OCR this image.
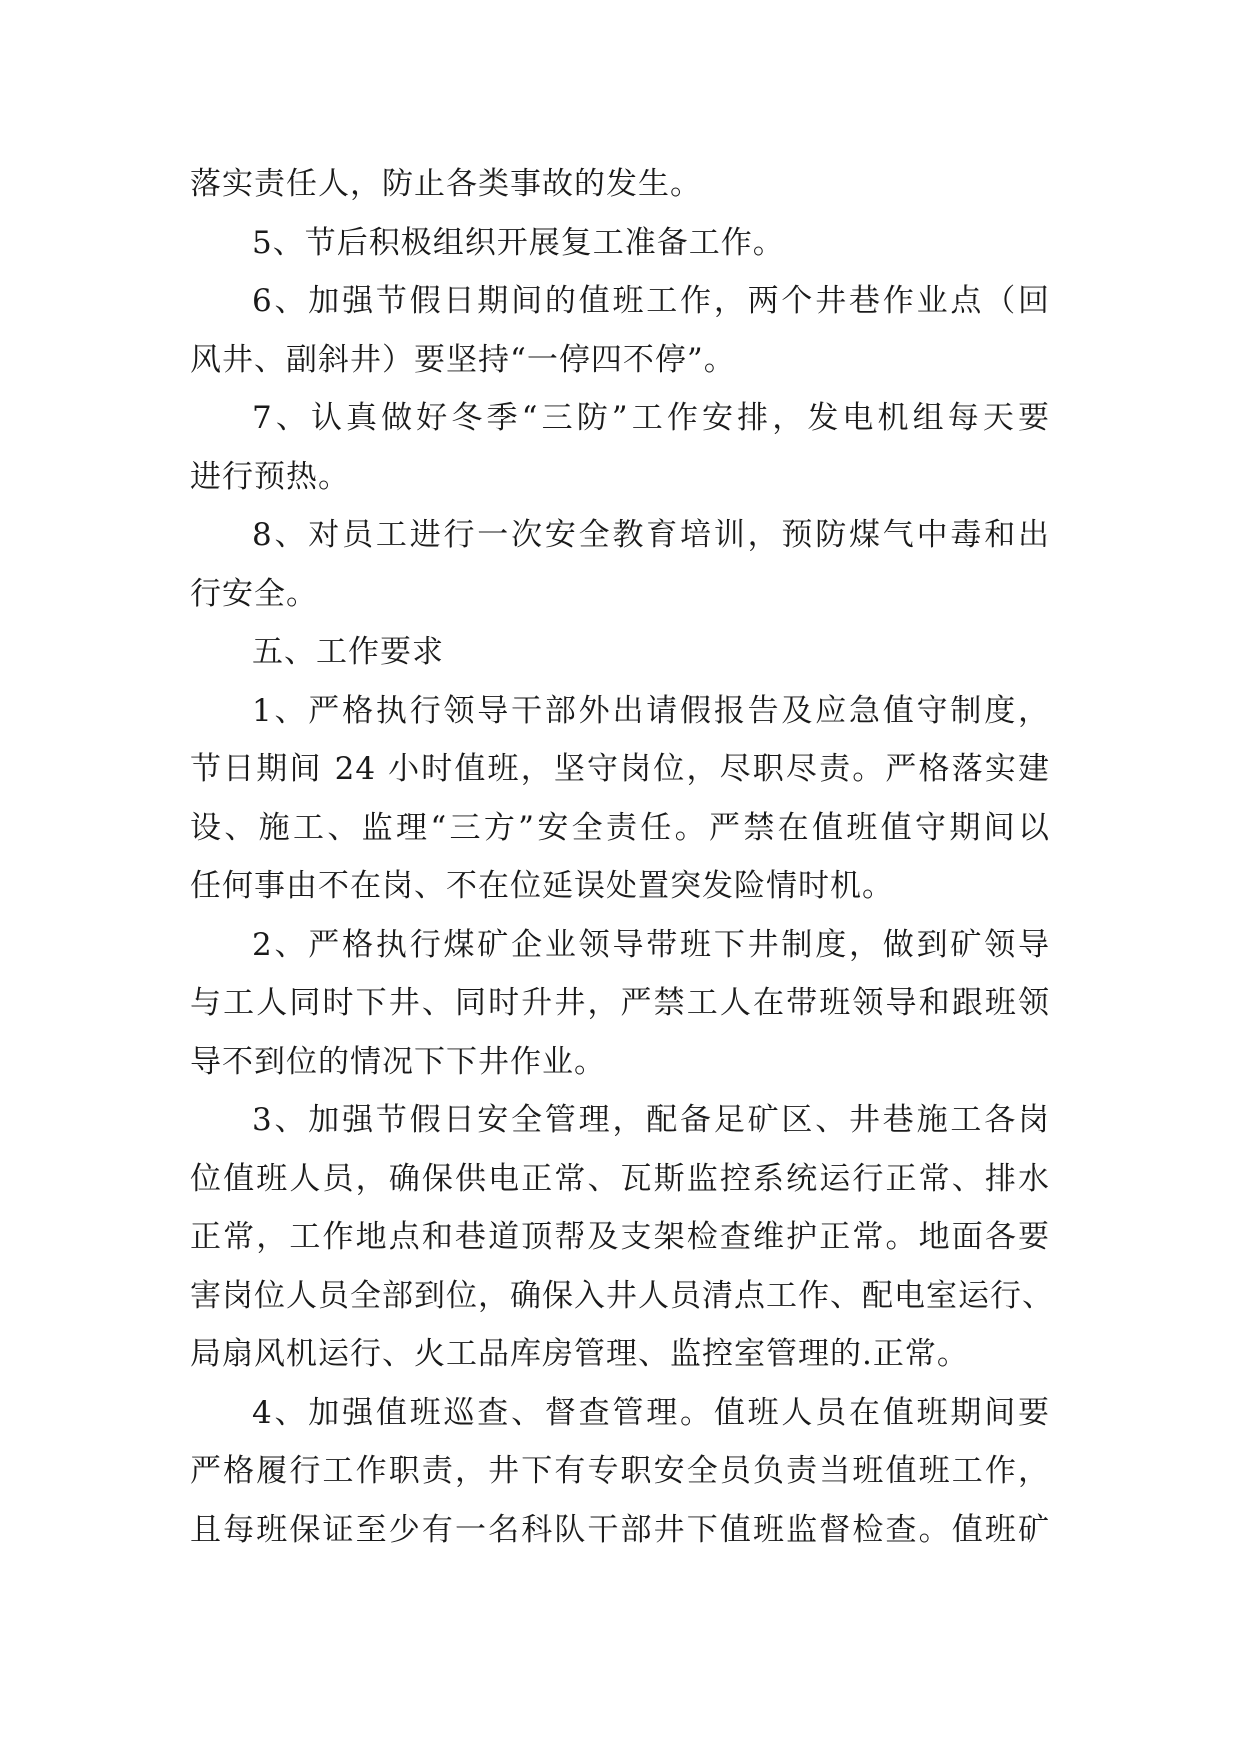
落实责任人，防止各类事故的发生。
5、节后积极组织开展复工准备工作。
6、加强节假日期间的值班工作，两个井巷作业点（回
风井、副斜井）要坚持“一停四不停”。
7、认真做好冬季“三防”工作安排，发电机组每天要
进行预热。
8、对员工进行一次安全教育培训，预防煤气中毒和出
行安全。
五、工作要求
1、严格执行领导干部外出请假报告及应急值守制度，
节日期间 24 小时值班，坚守岗位，尽职尽责。严格落实建
设、施工、监理“三方”安全责任。严禁在值班值守期间以
任何事由不在岗、不在位延误处置突发险情时机。
2、严格执行煤矿企业领导带班下井制度，做到矿领导
与工人同时下井、同时升井，严禁工人在带班领导和跟班领
导不到位的情况下下井作业。
3、加强节假日安全管理，配备足矿区、井巷施工各岗
位值班人员，确保供电正常、瓦斯监控系统运行正常、排水
正常，工作地点和巷道顶帮及支架检查维护正常。地面各要
害岗位人员全部到位，确保入井人员清点工作、配电室运行、
局扇风机运行、火工品库房管理、监控室管理的.正常。
4、加强值班巡查、督查管理。值班人员在值班期间要
严格履行工作职责，井下有专职安全员负责当班值班工作，
且每班保证至少有一名科队干部井下值班监督检查。值班矿
